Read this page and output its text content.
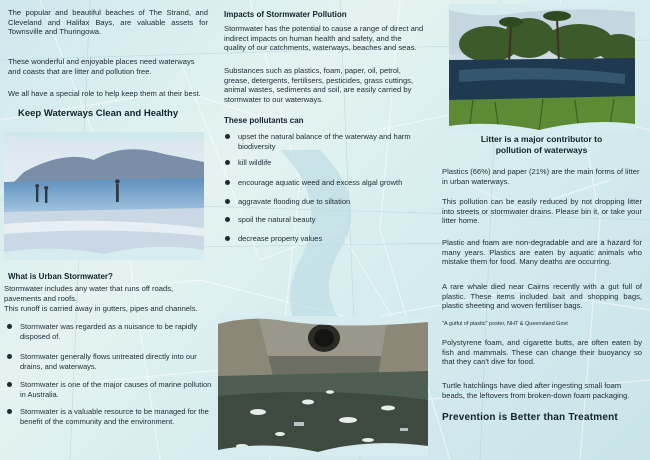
The popular and beautiful beaches of The Strand, and Cleveland and Halifax Bays, are valuable assets for Townsville and Thuringowa.

These wonderful and enjoyable places need waterways and coasts that are litter and pollution free.

We all have a special role to help keep them at their best.

Keep Waterways Clean and Healthy

What is Urban Stormwater?

Stormwater includes any water that runs off roads, pavements and roofs.

This runoff is carried away in gutters, pipes and channels.

Stormwater was regarded as a nuisance to be rapidly disposed of.
Stormwater generally flows untreated directly into our drains, and waterways.
Stormwater is one of the major causes of marine pollution in Australia.
Stormwater is a valuable resource to be managed for the benefit of the community and the environment.

Impacts of Stormwater Pollution

Stormwater has the potential to cause a range of direct and indirect impacts on human health and safety, and the quality of our catchments, waterways, beaches and seas.

Substances such as plastics, foam, paper, oil, petrol, grease, detergents, fertilisers, pesticides, grass cuttings, animal wastes, sediments and soil, are easily carried by stormwater to our waterways.

These pollutants can

upset the natural balance of the waterway and harm biodiversity
kill wildlife
encourage aquatic weed and excess algal growth
aggravate flooding due to siltation
spoil the natural beauty
decrease property values

Litter is a major contributor to

pollution of waterways

Plastics (66%) and paper (21%) are the main forms of litter in urban waterways.

This pollution can be easily reduced by not dropping litter into streets or stormwater drains. Please bin it, or take your litter home.

Plastic and foam are non-degradable and are a hazard for many years. Plastics are eaten by aquatic animals who mistake them for food. Many deaths are occurring.

A rare whale died near Cairns recently with a gut full of plastic. These items included bait and shopping bags, plastic sheeting and woven fertiliser bags.

"A gutful of plastic" poster, NHT & Queensland Govt

Polystyrene foam, and cigarette butts, are often eaten by fish and mammals. These can change their buoyancy so that they can't dive for food.

Turtle hatchlings have died after ingesting small foam beads, the leftovers from broken-down foam packaging.

Prevention is Better than Treatment
